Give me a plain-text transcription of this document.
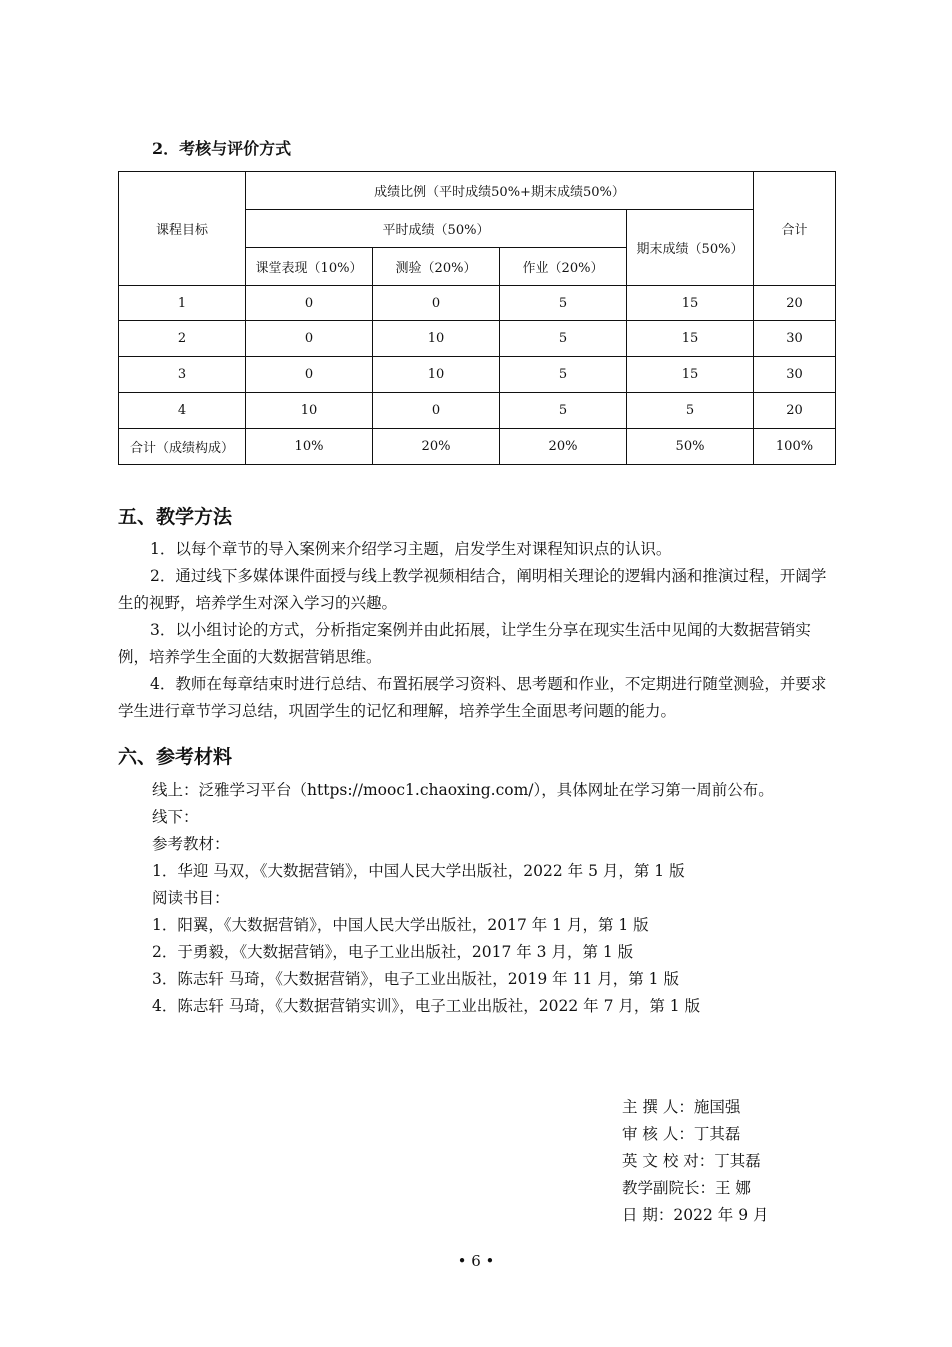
2．考核与评价方式
课程目标	成绩比例（平时成绩50%+期末成绩50%）				合计
	平时成绩（50%）			期末成绩（50%）	
	课堂表现（10%）	测验（20%）	作业（20%）		
1	0	0	5	15	20
2	0	10	5	15	30
3	0	10	5	15	30
4	10	0	5	5	20
合计（成绩构成）	10%	20%	20%	50%	100%
五、教学方法
1．以每个章节的导入案例来介绍学习主题，启发学生对课程知识点的认识。
2．通过线下多媒体课件面授与线上教学视频相结合，阐明相关理论的逻辑内涵和推演过程，开阔学生的视野，培养学生对深入学习的兴趣。
3．以小组讨论的方式，分析指定案例并由此拓展，让学生分享在现实生活中见闻的大数据营销实例，培养学生全面的大数据营销思维。
4．教师在每章结束时进行总结、布置拓展学习资料、思考题和作业，不定期进行随堂测验，并要求学生进行章节学习总结，巩固学生的记忆和理解，培养学生全面思考问题的能力。
六、参考材料
线上：泛雅学习平台（https://mooc1.chaoxing.com/），具体网址在学习第一周前公布。
线下：
参考教材：
1．华迎 马双，《大数据营销》，中国人民大学出版社，2022 年 5 月，第 1 版
阅读书目：
1．阳翼，《大数据营销》，中国人民大学出版社，2017 年 1 月，第 1 版
2．于勇毅，《大数据营销》，电子工业出版社，2017 年 3 月，第 1 版
3．陈志轩 马琦，《大数据营销》，电子工业出版社，2019 年 11 月，第 1 版
4．陈志轩 马琦，《大数据营销实训》，电子工业出版社，2022 年 7 月，第 1 版
主 撰 人：施国强
审 核 人：丁其磊
英 文 校 对：丁其磊
教学副院长：王 娜
日 期：2022 年 9 月
• 6 •
